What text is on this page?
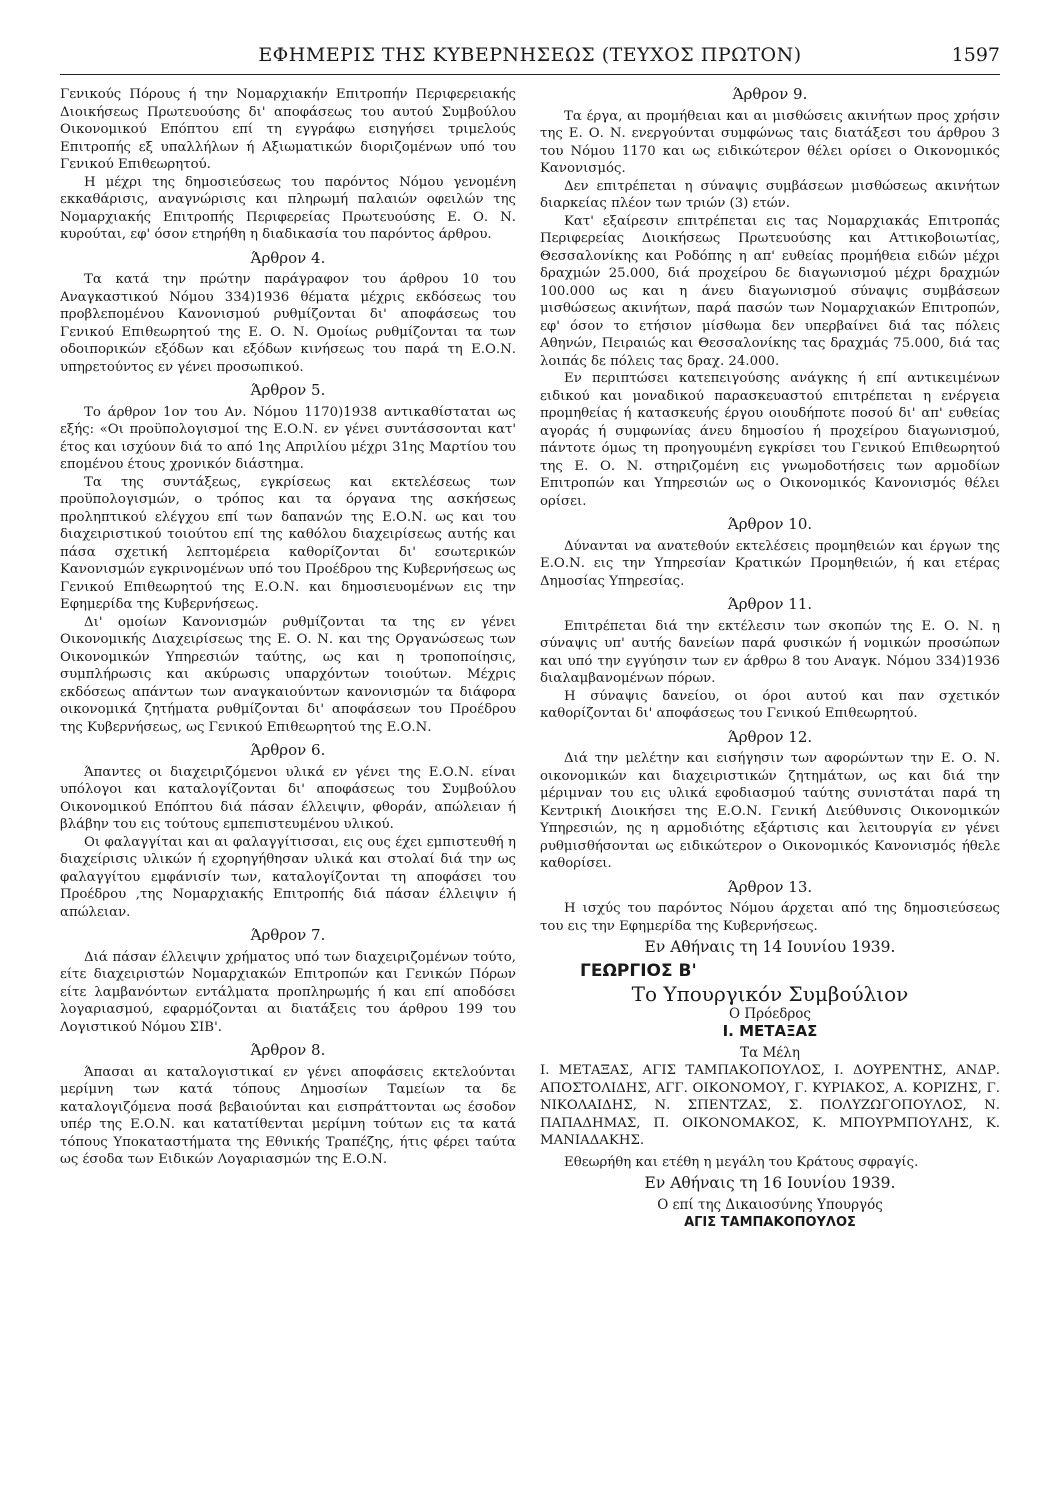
ΕΦΗΜΕΡΙΣ ΤΗΣ ΚΥΒΕΡΝΗΣΕΩΣ (ΤΕΥΧΟΣ ΠΡΩΤΟΝ)	1597

Γενικούς Πόρους ή την Νομαρχιακήν Επιτροπήν Περιφερειακής Διοικήσεως Πρωτευούσης δι' αποφάσεως του αυτού Συμβούλου Οικονομικού Επόπτου επί τη εγγράφω εισηγήσει τριμελούς Επιτροπής εξ υπαλλήλων ή Αξιωματικών διοριζομένων υπό του Γενικού Επιθεωρητού.

Η μέχρι της δημοσιεύσεως του παρόντος Νόμου γενομένη εκκαθάρισις, αναγνώρισις και πληρωμή παλαιών οφειλών της Νομαρχιακής Επιτροπής Περιφερείας Πρωτευούσης Ε. Ο. Ν. κυρούται, εφ' όσον ετηρήθη η διαδικασία του παρόντος άρθρου.

Άρθρον 4.

Τα κατά την πρώτην παράγραφον του άρθρου 10 του Αναγκαστικού Νόμου 334)1936 θέματα μέχρις εκδόσεως του προβλεπομένου Κανονισμού ρυθμίζονται δι' αποφάσεως του Γενικού Επιθεωρητού της Ε. Ο. Ν. Ομοίως ρυθμίζονται τα των οδοιπορικών εξόδων και εξόδων κινήσεως του παρά τη Ε.Ο.Ν. υπηρετούντος εν γένει προσωπικού.

Άρθρον 5.

Το άρθρον 1ον του Αν. Νόμου 1170)1938 αντικαθίσταται ως εξής: «Οι προϋπολογισμοί της Ε.Ο.Ν. εν γένει συντάσσονται κατ' έτος και ισχύουν διά το από 1ης Απριλίου μέχρι 31ης Μαρτίου του επομένου έτους χρονικόν διάστημα.

Τα της συντάξεως, εγκρίσεως και εκτελέσεως των προϋπολογισμών, ο τρόπος και τα όργανα της ασκήσεως προληπτικού ελέγχου επί των δαπανών της Ε.Ο.Ν. ως και του διαχειριστικού τοιούτου επί της καθόλου διαχειρίσεως αυτής και πάσα σχετική λεπτομέρεια καθορίζονται δι' εσωτερικών Κανονισμών εγκρινομένων υπό του Προέδρου της Κυβερνήσεως ως Γενικού Επιθεωρητού της Ε.Ο.Ν. και δημοσιευομένων εις την Εφημερίδα της Κυβερνήσεως.

Δι' ομοίων Κανονισμών ρυθμίζονται τα της εν γένει Οικονομικής Διαχειρίσεως της Ε. Ο. Ν. και της Οργανώσεως των Οικονομικών Υπηρεσιών ταύτης, ως και η τροποποίησις, συμπλήρωσις και ακύρωσις υπαρχόντων τοιούτων. Μέχρις εκδόσεως απάντων των αναγκαιούντων κανονισμών τα διάφορα οικονομικά ζητήματα ρυθμίζονται δι' αποφάσεων του Προέδρου της Κυβερνήσεως, ως Γενικού Επιθεωρητού της Ε.Ο.Ν.

Άρθρον 6.

Άπαντες οι διαχειριζόμενοι υλικά εν γένει της Ε.Ο.Ν. είναι υπόλογοι και καταλογίζονται δι' αποφάσεως του Συμβούλου Οικονομικού Επόπτου διά πάσαν έλλειψιν, φθοράν, απώλειαν ή βλάβην του εις τούτους εμπεπιστευμένου υλικού.

Οι φαλαγγίται και αι φαλαγγίτισσαι, εις ους έχει εμπιστευθή η διαχείρισις υλικών ή εχορηγήθησαν υλικά και στολαί διά την ως φαλαγγίτου εμφάνισίν των, καταλογίζονται τη αποφάσει του Προέδρου ,της Νομαρχιακής Επιτροπής διά πάσαν έλλειψιν ή απώλειαν.

Άρθρον 7.

Διά πάσαν έλλειψιν χρήματος υπό των διαχειριζομένων τούτο, είτε διαχειριστών Νομαρχιακών Επιτροπών και Γενικών Πόρων είτε λαμβανόντων εντάλματα προπληρωμής ή και επί αποδόσει λογαριασμού, εφαρμόζονται αι διατάξεις του άρθρου 199 του Λογιστικού Νόμου ΣΙΒ'.

Άρθρον 8.

Άπασαι αι καταλογιστικαί εν γένει αποφάσεις εκτελούνται μερίμνη των κατά τόπους Δημοσίων Ταμείων τα δε καταλογιζόμενα ποσά βεβαιούνται και εισπράττονται ως έσοδον υπέρ της Ε.Ο.Ν. και κατατίθενται μερίμνη τούτων εις τα κατά τόπους Υποκαταστήματα της Εθνικής Τραπέζης, ήτις φέρει ταύτα ως έσοδα των Ειδικών Λογαριασμών της Ε.Ο.Ν.

Άρθρον 9.

Τα έργα, αι προμήθειαι και αι μισθώσεις ακινήτων προς χρήσιν της Ε. Ο. Ν. ενεργούνται συμφώνως ταις διατάξεσι του άρθρου 3 του Νόμου 1170 και ως ειδικώτερον θέλει ορίσει ο Οικονομικός Κανονισμός.

Δεν επιτρέπεται η σύναψις συμβάσεων μισθώσεως ακινήτων διαρκείας πλέον των τριών (3) ετών.

Κατ' εξαίρεσιν επιτρέπεται εις τας Νομαρχιακάς Επιτροπάς Περιφερείας Διοικήσεως Πρωτευούσης και Αττικοβοιωτίας, Θεσσαλονίκης και Ροδόπης η απ' ευθείας προμήθεια ειδών μέχρι δραχμών 25.000, διά προχείρου δε διαγωνισμού μέχρι δραχμών 100.000 ως και η άνευ διαγωνισμού σύναψις συμβάσεων μισθώσεως ακινήτων, παρά πασών των Νομαρχιακών Επιτροπών, εφ' όσον το ετήσιον μίσθωμα δεν υπερβαίνει διά τας πόλεις Αθηνών, Πειραιώς και Θεσσαλονίκης τας δραχμάς 75.000, διά τας λοιπάς δε πόλεις τας δραχ. 24.000.

Εν περιπτώσει κατεπειγούσης ανάγκης ή επί αντικειμένων ειδικού και μοναδικού παρασκευαστού επιτρέπεται η ενέργεια προμηθείας ή κατασκευής έργου οιουδήποτε ποσού δι' απ' ευθείας αγοράς ή συμφωνίας άνευ δημοσίου ή προχείρου διαγωνισμού, πάντοτε όμως τη προηγουμένη εγκρίσει του Γενικού Επιθεωρητού της Ε. Ο. Ν. στηριζομένη εις γνωμοδοτήσεις των αρμοδίων Επιτροπών και Υπηρεσιών ως ο Οικονομικός Κανονισμός θέλει ορίσει.

Άρθρον 10.

Δύνανται να ανατεθούν εκτελέσεις προμηθειών και έργων της Ε.Ο.Ν. εις την Υπηρεσίαν Κρατικών Προμηθειών, ή και ετέρας Δημοσίας Υπηρεσίας.

Άρθρον 11.

Επιτρέπεται διά την εκτέλεσιν των σκοπών της Ε. Ο. Ν. η σύναψις υπ' αυτής δανείων παρά φυσικών ή νομικών προσώπων και υπό την εγγύησιν των εν άρθρω 8 του Αναγκ. Νόμου 334)1936 διαλαμβανομένων πόρων.

Η σύναψις δανείου, οι όροι αυτού και παν σχετικόν καθορίζονται δι' αποφάσεως του Γενικού Επιθεωρητού.

Άρθρον 12.

Διά την μελέτην και εισήγησιν των αφορώντων την Ε. Ο. Ν. οικονομικών και διαχειριστικών ζητημάτων, ως και διά την μέριμναν του εις υλικά εφοδιασμού ταύτης συνιστάται παρά τη Κεντρική Διοικήσει της Ε.Ο.Ν. Γενική Διεύθυνσις Οικονομικών Υπηρεσιών, ης η αρμοδιότης εξάρτισις και λειτουργία εν γένει ρυθμισθήσονται ως ειδικώτερον ο Οικονομικός Κανονισμός ήθελε καθορίσει.

Άρθρον 13.

Η ισχύς του παρόντος Νόμου άρχεται από της δημοσιεύσεως του εις την Εφημερίδα της Κυβερνήσεως.

Εν Αθήναις τη 14 Ιουνίου 1939.

ΓΕΩΡΓΙΟΣ Β'

Το Υπουργικόν Συμβούλιον

Ο Πρόεδρος

Ι. ΜΕΤΑΞΑΣ

Τα Μέλη

Ι. ΜΕΤΑΞΑΣ, ΑΓΙΣ ΤΑΜΠΑΚΟΠΟΥΛΟΣ, Ι. ΔΟΥΡΕΝΤΗΣ, ΑΝΔΡ. ΑΠΟΣΤΟΛΙΔΗΣ, ΑΓΓ. ΟΙΚΟΝΟΜΟΥ, Γ. ΚΥΡΙΑΚΟΣ, Α. ΚΟΡΙΖΗΣ, Γ. ΝΙΚΟΛΑΙΔΗΣ, Ν. ΣΠΕΝΤΖΑΣ, Σ. ΠΟΛΥΖΩΓΟΠΟΥΛΟΣ, Ν. ΠΑΠΑΔΗΜΑΣ, Π. ΟΙΚΟΝΟΜΑΚΟΣ, Κ. ΜΠΟΥΡΜΠΟΥΛΗΣ, Κ. ΜΑΝΙΑΔΑΚΗΣ.

Εθεωρήθη και ετέθη η μεγάλη του Κράτους σφραγίς.

Εν Αθήναις τη 16 Ιουνίου 1939.

Ο επί της Δικαιοσύνης Υπουργός

ΑΓΙΣ ΤΑΜΠΑΚΟΠΟΥΛΟΣ
